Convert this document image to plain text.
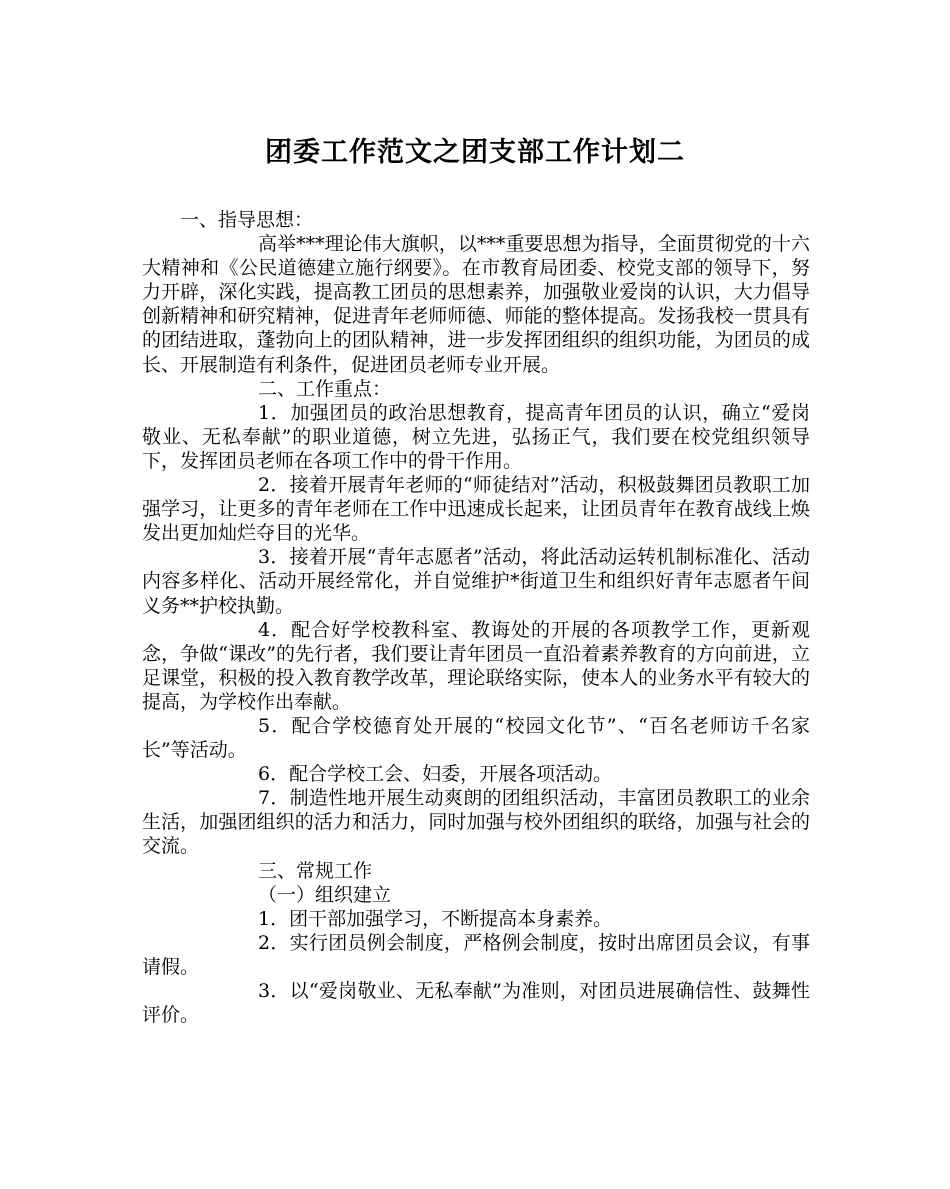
团委工作范文之团支部工作计划二

一、指导思想：

高举***理论伟大旗帜，以***重要思想为指导，全面贯彻党的十六大精神和《公民道德建立施行纲要》。在市教育局团委、校党支部的领导下，努力开辟，深化实践，提高教工团员的思想素养，加强敬业爱岗的认识，大力倡导创新精神和研究精神，促进青年老师师德、师能的整体提高。发扬我校一贯具有的团结进取，蓬勃向上的团队精神，进一步发挥团组织的组织功能，为团员的成长、开展制造有利条件，促进团员老师专业开展。

二、工作重点：

1．加强团员的政治思想教育，提高青年团员的认识，确立“爱岗敬业、无私奉献”的职业道德，树立先进，弘扬正气，我们要在校党组织领导下，发挥团员老师在各项工作中的骨干作用。

2．接着开展青年老师的“师徒结对”活动，积极鼓舞团员教职工加强学习，让更多的青年老师在工作中迅速成长起来，让团员青年在教育战线上焕发出更加灿烂夺目的光华。

3．接着开展“青年志愿者”活动，将此活动运转机制标准化、活动内容多样化、活动开展经常化，并自觉维护*街道卫生和组织好青年志愿者午间义务**护校执勤。

4．配合好学校教科室、教诲处的开展的各项教学工作，更新观念，争做“课改”的先行者，我们要让青年团员一直沿着素养教育的方向前进，立足课堂，积极的投入教育教学改革，理论联络实际，使本人的业务水平有较大的提高，为学校作出奉献。

5．配合学校德育处开展的“校园文化节”、“百名老师访千名家长”等活动。

6．配合学校工会、妇委，开展各项活动。

7．制造性地开展生动爽朗的团组织活动，丰富团员教职工的业余生活，加强团组织的活力和活力，同时加强与校外团组织的联络，加强与社会的交流。

三、常规工作

（一）组织建立

1．团干部加强学习，不断提高本身素养。

2．实行团员例会制度，严格例会制度，按时出席团员会议，有事请假。

3．以“爱岗敬业、无私奉献”为准则，对团员进展确信性、鼓舞性评价。
